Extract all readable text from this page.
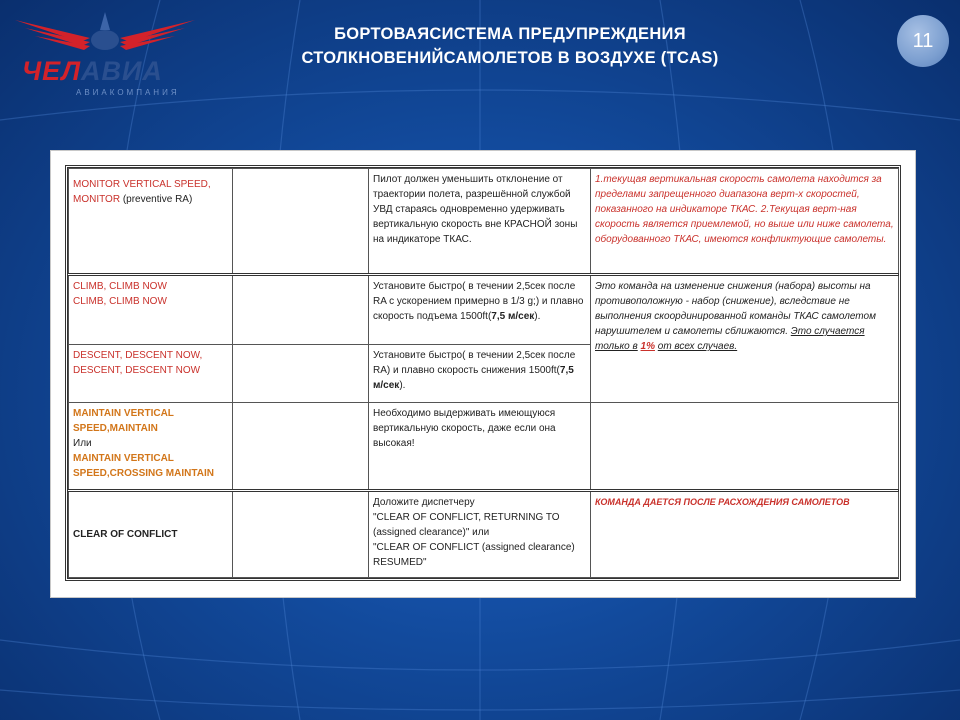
ЧЕЛАВИА
АВИАКОМПАНИЯ
БОРТОВАЯСИСТЕМА ПРЕДУПРЕЖДЕНИЯ
СТОЛКНОВЕНИЙСАМОЛЕТОВ В ВОЗДУХЕ (TCAS)
11
MONITOR VERTICAL SPEED,
MONITOR (preventive RA)		Пилот должен уменьшить отклонение от траектории полета, разрешённой службой УВД стараясь одновременно удерживать вертикальную скорость вне КРАСНОЙ зоны на индикаторе ТКАС.	1.текущая вертикальная скорость самолета находится за пределами запрещенного диапазона верт-х скоростей, показанного на индикаторе ТКАС. 2.Текущая верт-ная скорость является приемлемой, но выше или ниже самолета, оборудованного ТКАС, имеются конфликтующие самолеты.

CLIMB, CLIMB NOW
CLIMB, CLIMB NOW		Установите быстро( в течении 2,5сек после RA с ускорением примерно в 1/3 g;) и плавно скорость подъема 1500ft(7,5 м/сек).	Это команда на изменение снижения (набора) высоты на противоположную - набор (снижение), вследствие не выполнения скоординированной команды ТКАС самолетом нарушителем и самолеты сближаются. Это случается только в 1% от всех случаев.

DESCENT, DESCENT NOW,
DESCENT, DESCENT NOW		Установите быстро( в течении 2,5сек после RA) и плавно скорость снижения 1500ft(7,5 м/сек).	

MAINTAIN VERTICAL SPEED,MAINTAIN
Или
MAINTAIN VERTICAL SPEED,CROSSING MAINTAIN		Необходимо выдерживать имеющуюся вертикальную скорость, даже если она высокая!	
CLEAR OF CONFLICT		Доложите диспетчеру
"CLEAR OF CONFLICT, RETURNING TO (assigned clearance)" или
"CLEAR OF CONFLICT (assigned clearance) RESUMED"	КОМАНДА ДАЕТСЯ ПОСЛЕ РАСХОЖДЕНИЯ САМОЛЕТОВ
